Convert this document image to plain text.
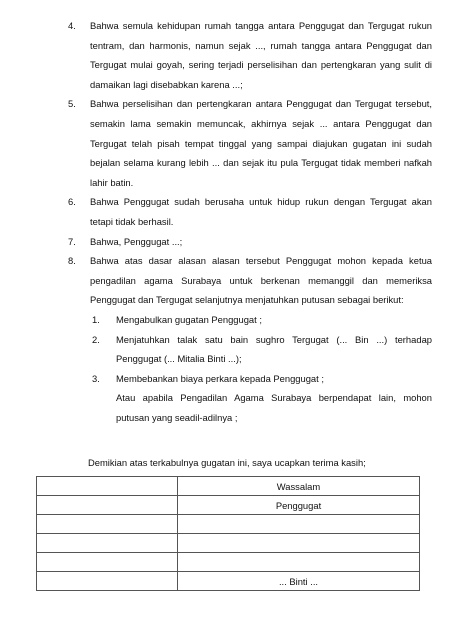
4. Bahwa semula kehidupan rumah tangga antara Penggugat dan Tergugat rukun tentram, dan harmonis, namun sejak ..., rumah tangga antara Penggugat dan Tergugat mulai goyah, sering terjadi perselisihan dan pertengkaran yang sulit di damaikan lagi disebabkan karena ...;
5. Bahwa perselisihan dan pertengkaran antara Penggugat dan Tergugat tersebut, semakin lama semakin memuncak, akhirnya sejak ... antara Penggugat dan Tergugat telah pisah tempat tinggal yang sampai diajukan gugatan ini sudah bejalan selama kurang lebih ... dan sejak itu pula Tergugat tidak memberi nafkah lahir batin.
6. Bahwa Penggugat sudah berusaha untuk hidup rukun dengan Tergugat akan tetapi tidak berhasil.
7. Bahwa, Penggugat ...;
8. Bahwa atas dasar alasan alasan tersebut Penggugat mohon kepada ketua pengadilan agama Surabaya untuk berkenan memanggil dan memeriksa Penggugat dan Tergugat selanjutnya menjatuhkan putusan sebagai berikut:
1. Mengabulkan gugatan Penggugat ;
2. Menjatuhkan talak satu bain sughro Tergugat (... Bin ...) terhadap Penggugat (... Mitalia Binti ...);
3. Membebankan biaya perkara kepada Penggugat ;
Atau apabila Pengadilan Agama Surabaya berpendapat lain, mohon putusan yang seadil-adilnya ;
Demikian atas terkabulnya gugatan ini, saya ucapkan terima kasih;
	Wassalam
	Penggugat

	... Binti ...
